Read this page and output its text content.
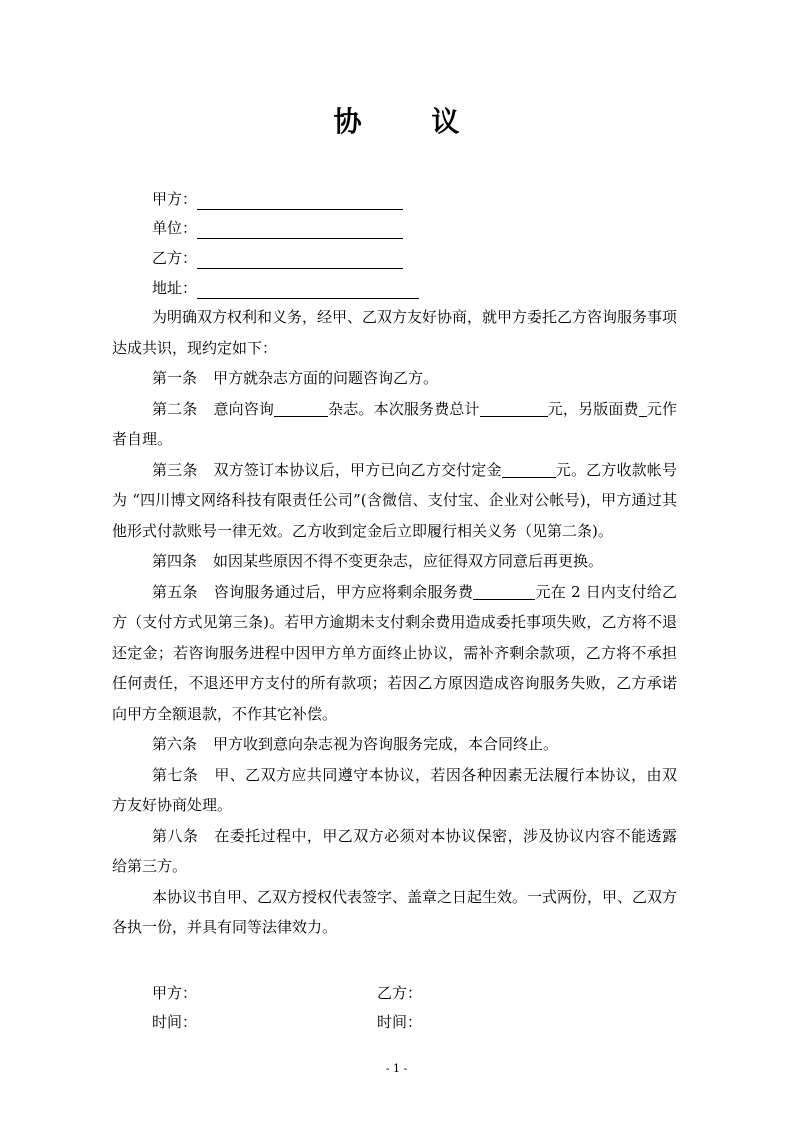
协 议
甲方：
单位：
乙方：
地址：

为明确双方权利和义务，经甲、乙双方友好协商，就甲方委托乙方咨询服务事项达成共识，现约定如下：

第一条 甲方就杂志方面的问题咨询乙方。

第二条 意向咨询	杂志。本次服务费总计	元，另版面费 元作者自理。

第三条 双方签订本协议后，甲方已向乙方交付定金	元。乙方收款帐号为 “四川博文网络科技有限责任公司”(含微信、支付宝、企业对公帐号)，甲方通过其他形式付款账号一律无效。乙方收到定金后立即履行相关义务（见第二条)。

第四条 如因某些原因不得不变更杂志，应征得双方同意后再更换。

第五条 咨询服务通过后，甲方应将剩余服务费	元在 2 日内支付给乙方（支付方式见第三条)。若甲方逾期未支付剩余费用造成委托事项失败，乙方将不退还定金；若咨询服务进程中因甲方单方面终止协议，需补齐剩余款项，乙方将不承担任何责任，不退还甲方支付的所有款项；若因乙方原因造成咨询服务失败，乙方承诺向甲方全额退款，不作其它补偿。

第六条 甲方收到意向杂志视为咨询服务完成，本合同终止。

第七条 甲、乙双方应共同遵守本协议，若因各种因素无法履行本协议，由双方友好协商处理。

第八条 在委托过程中，甲乙双方必须对本协议保密，涉及协议内容不能透露给第三方。

本协议书自甲、乙双方授权代表签字、盖章之日起生效。一式两份，甲、乙双方各执一份，并具有同等法律效力。

甲方：	乙方：
时间：	时间：
- 1 -
